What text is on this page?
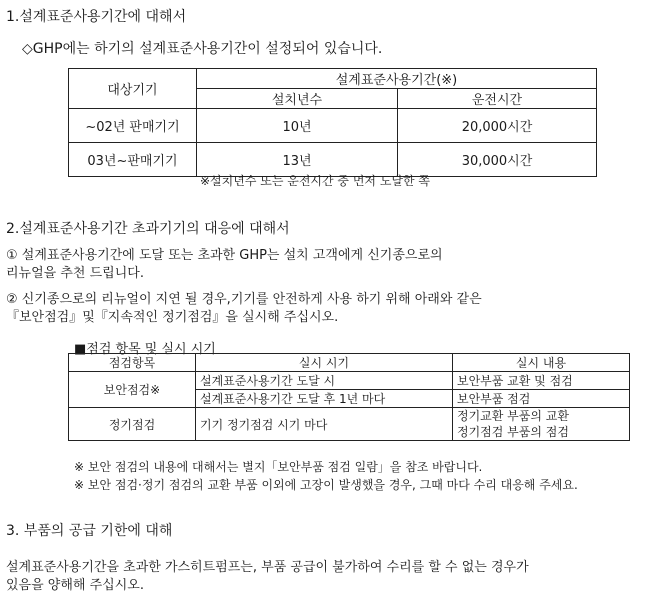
1.설계표준사용기간에 대해서
◇GHP에는 하기의 설계표준사용기간이 설정되어 있습니다.
대상기기	설계표준사용기간(※)	
	설치년수	운전시간
~02년 판매기기	10년	20,000시간
03년~판매기기	13년	30,000시간
※설치년수 또는 운전시간 중 먼저 도달한 쪽
2.설계표준사용기간 초과기기의 대응에 대해서
① 설계표준사용기간에 도달 또는 초과한 GHP는 설치 고객에게 신기종으로의
리뉴얼을 추천 드립니다.
② 신기종으로의 리뉴얼이 지연 될 경우,기기를 안전하게 사용 하기 위해 아래와 같은
『보안점검』및『지속적인 정기점검』을 실시해 주십시오.
■점검 항목 및 실시 시기
점검항목	실시 시기	실시 내용
보안점검※	설계표준사용기간 도달 시	보안부품 교환 및 점검
	설계표준사용기간 도달 후 1년 마다	보안부품 점검
정기점검	기기 정기점검 시기 마다	정기교환 부품의 교환
정기점검 부품의 점검
※ 보안 점검의 내용에 대해서는 별지「보안부품 점검 일람」을 참조 바랍니다.
※ 보안 점검·정기 점검의 교환 부품 이외에 고장이 발생했을 경우, 그때 마다 수리 대응해 주세요.
3. 부품의 공급 기한에 대해
설계표준사용기간을 초과한 가스히트펌프는, 부품 공급이 불가하여 수리를 할 수 없는 경우가
있음을 양해해 주십시오.
